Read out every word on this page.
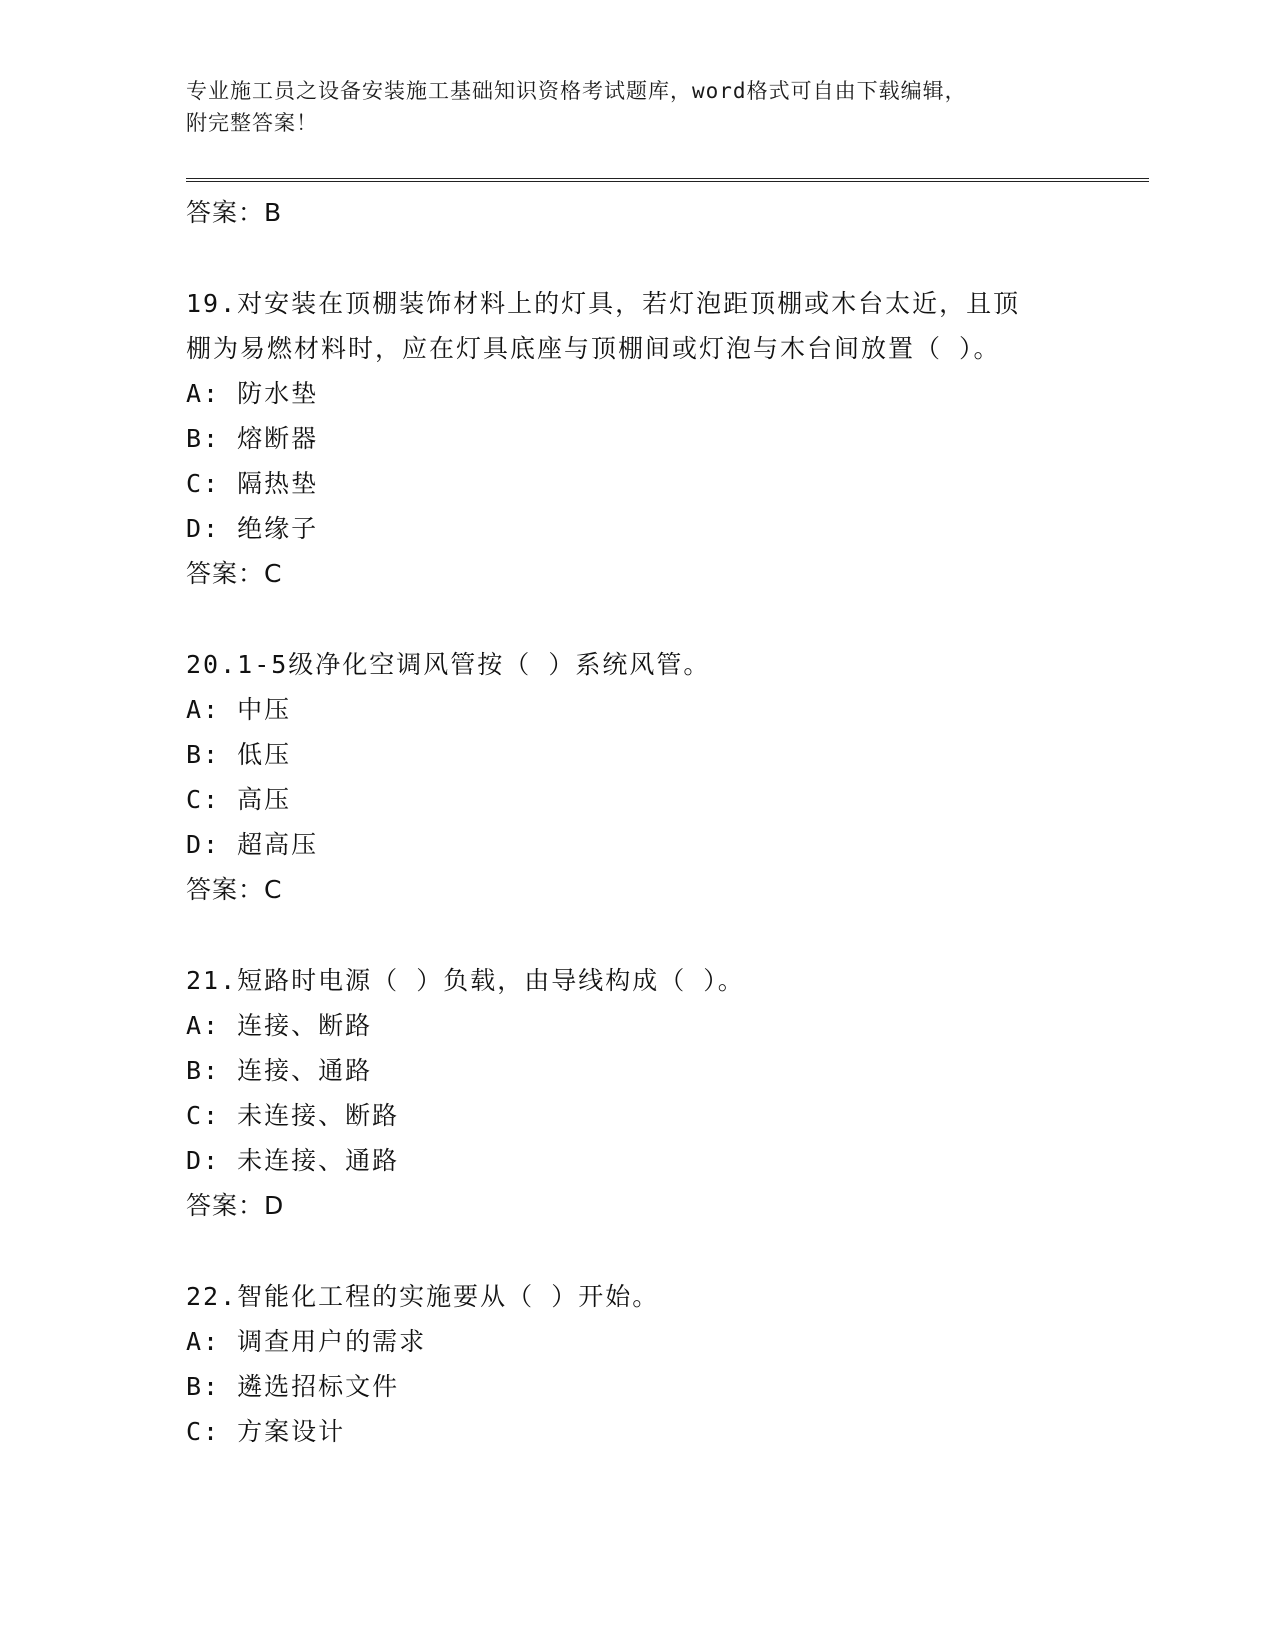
专业施工员之设备安装施工基础知识资格考试题库，word格式可自由下载编辑，
附完整答案！
答案：B
19.对安装在顶棚装饰材料上的灯具，若灯泡距顶棚或木台太近，且顶
棚为易燃材料时，应在灯具底座与顶棚间或灯泡与木台间放置（ ）。
A: 防水垫
B: 熔断器
C: 隔热垫
D: 绝缘子
答案：C
20.1-5级净化空调风管按（ ）系统风管。
A: 中压
B: 低压
C: 高压
D: 超高压
答案：C
21.短路时电源（ ）负载，由导线构成（ ）。
A: 连接、断路
B: 连接、通路
C: 未连接、断路
D: 未连接、通路
答案：D
22.智能化工程的实施要从（ ）开始。
A: 调查用户的需求
B: 遴选招标文件
C: 方案设计
